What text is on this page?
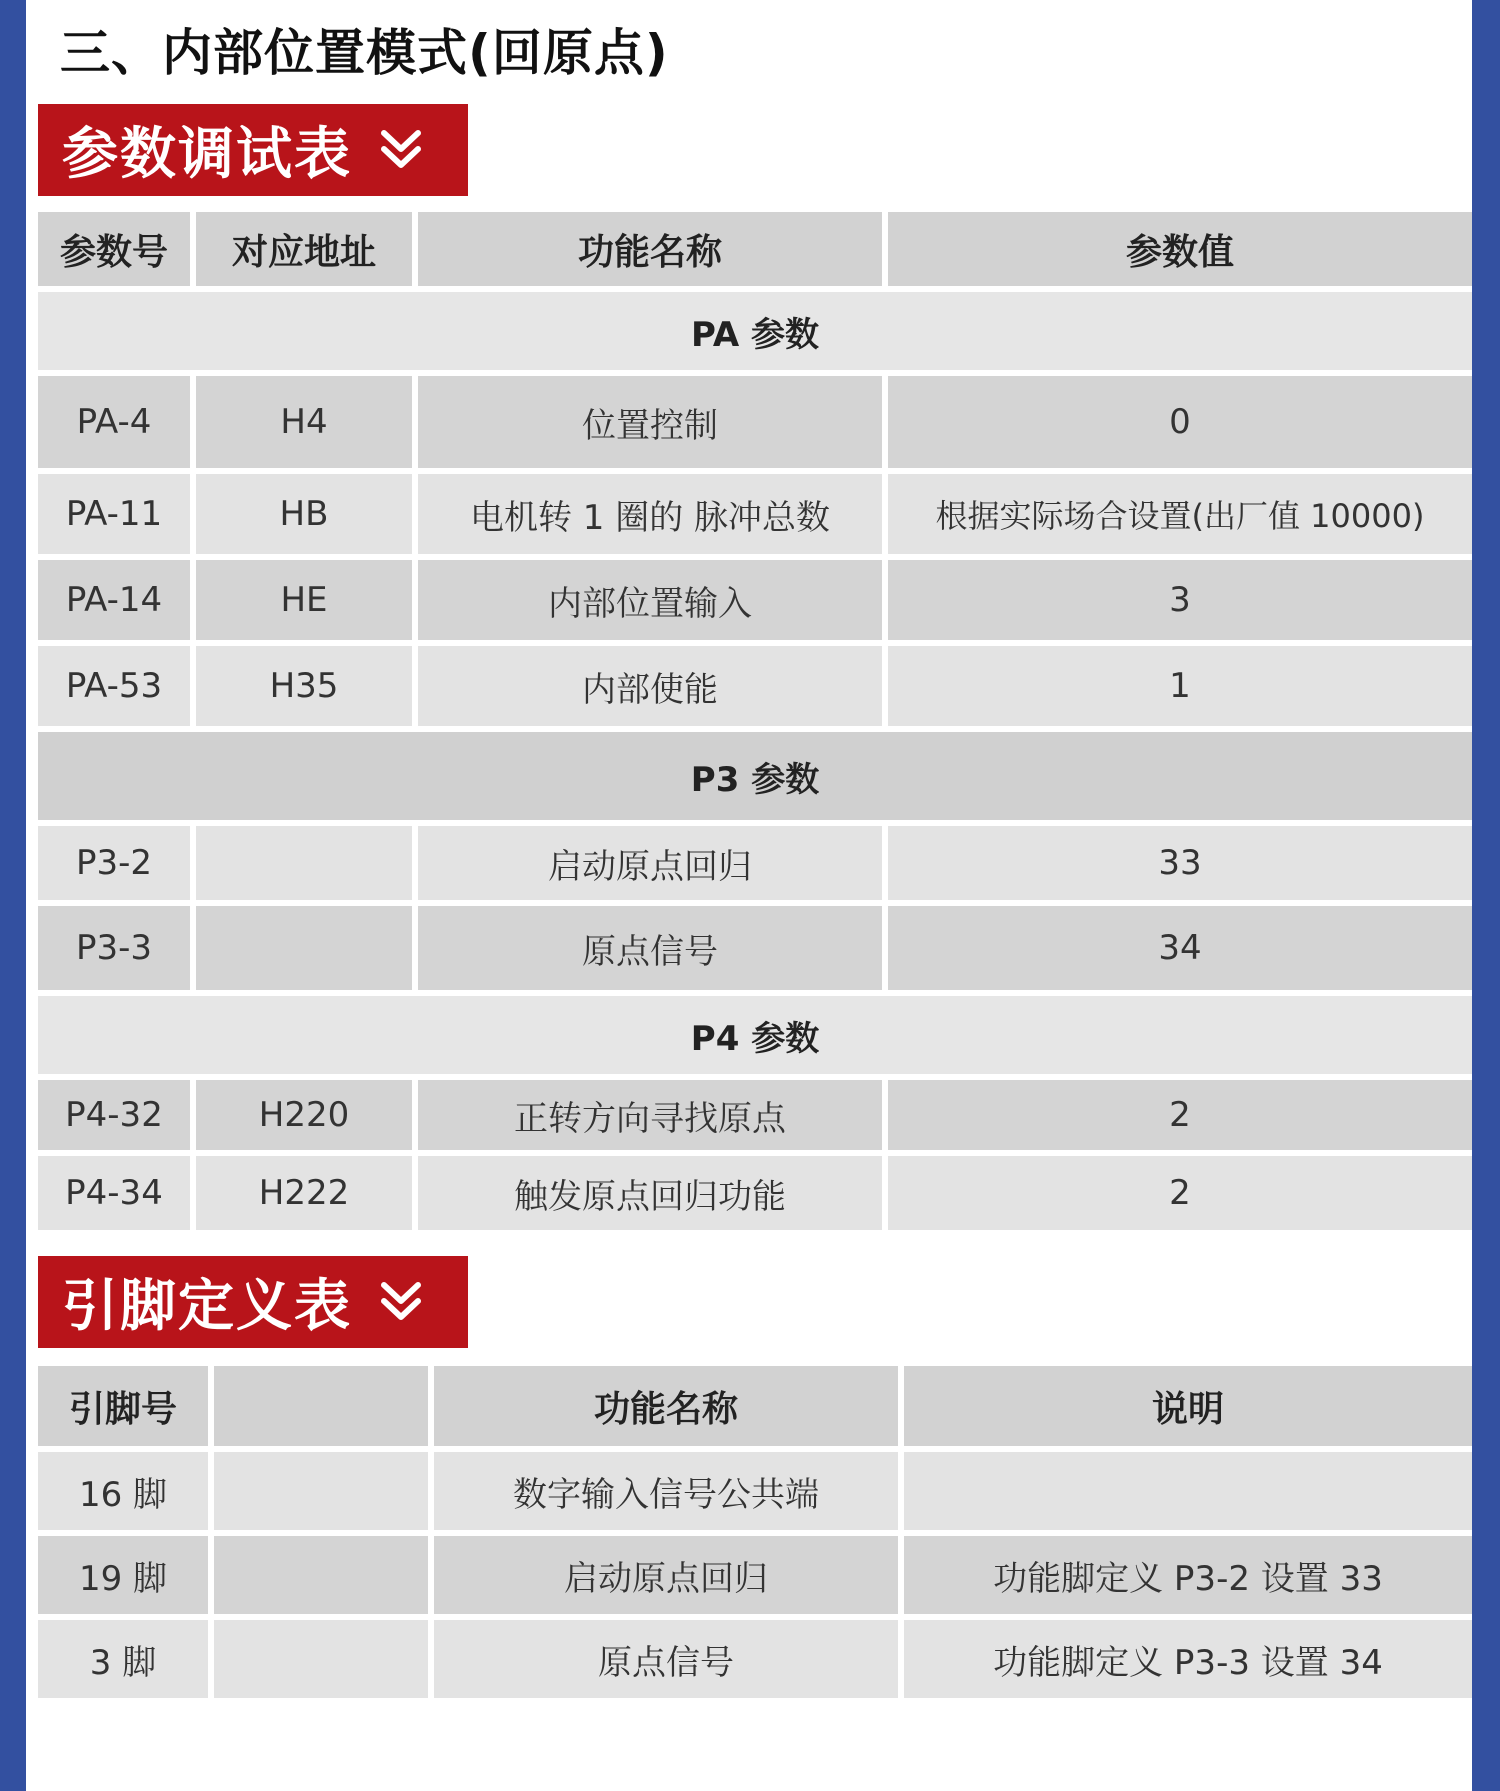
三、内部位置模式(回原点)
参数调试表
参数号	对应地址	功能名称	参数值
PA 参数			
PA-4	H4	位置控制	0
PA-11	HB	电机转 1 圈的 脉冲总数	根据实际场合设置(出厂值 10000)
PA-14	HE	内部位置输入	3
PA-53	H35	内部使能	1
P3 参数			
P3-2		启动原点回归	33
P3-3		原点信号	34
P4 参数			
P4-32	H220	正转方向寻找原点	2
P4-34	H222	触发原点回归功能	2
引脚定义表
引脚号		功能名称	说明
16 脚		数字输入信号公共端	
19 脚		启动原点回归	功能脚定义 P3-2 设置 33
3 脚		原点信号	功能脚定义 P3-3 设置 34
